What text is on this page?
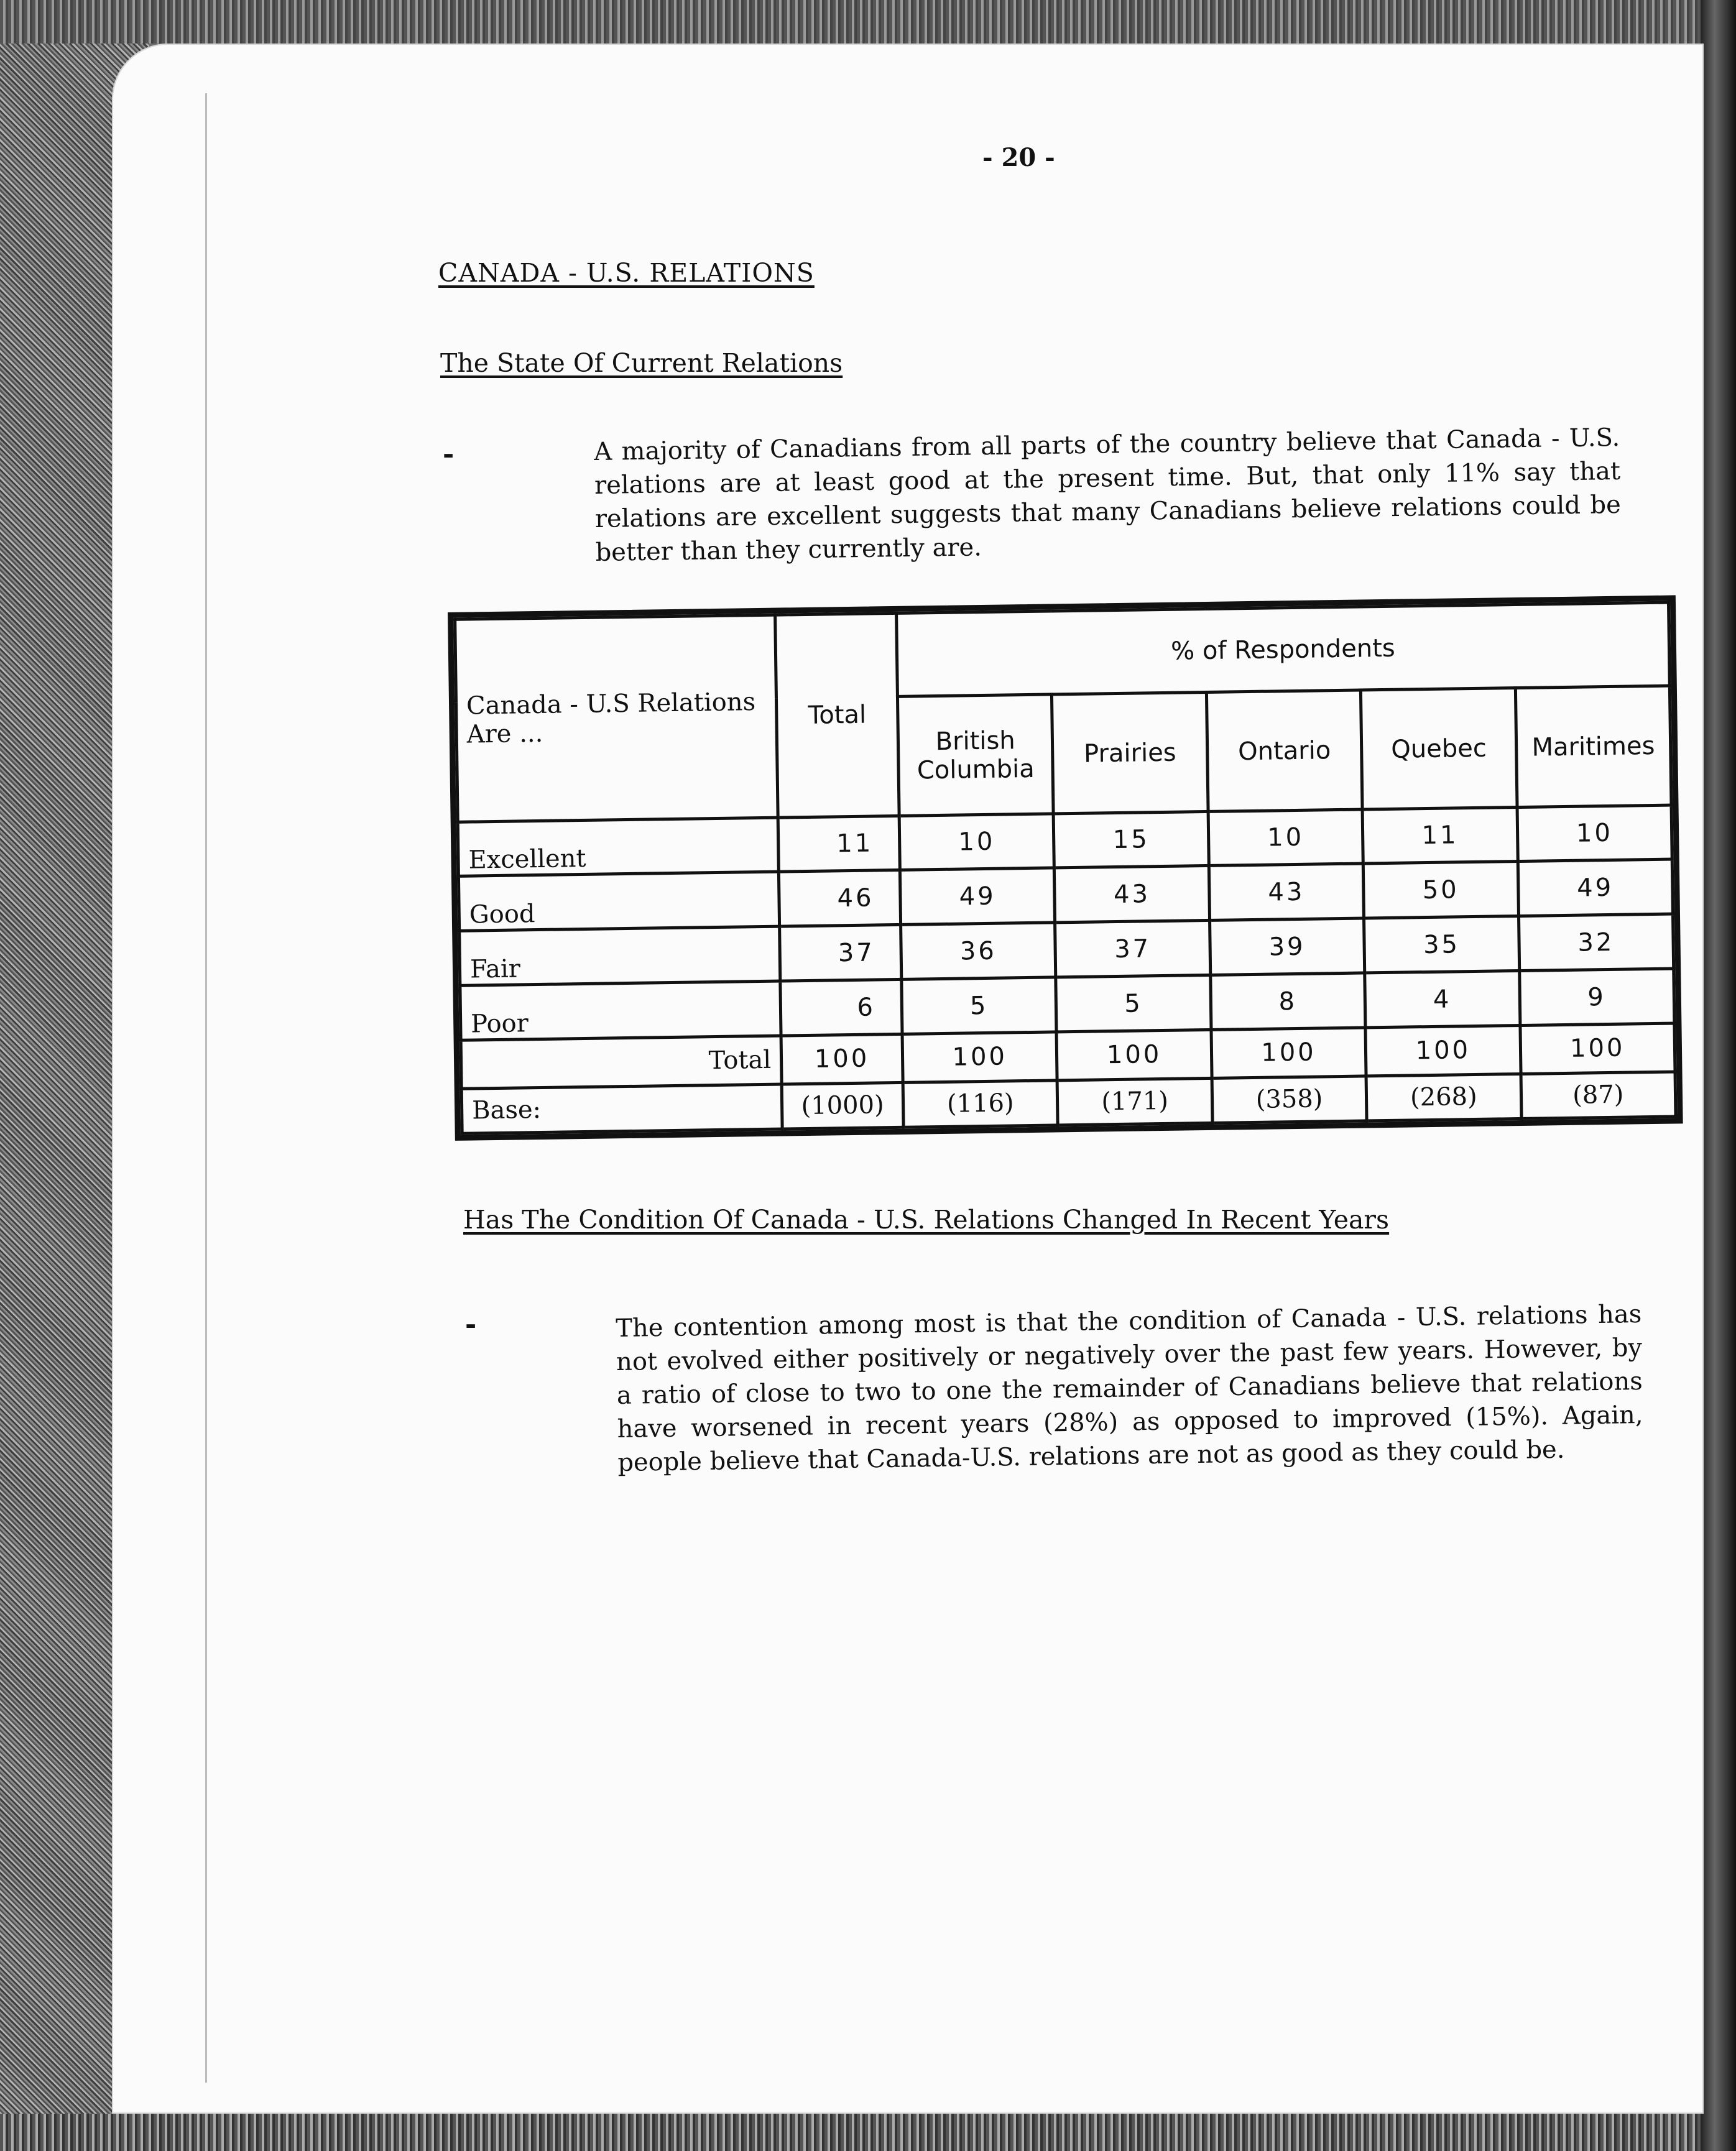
- 20 -
CANADA - U.S. RELATIONS
The State Of Current Relations
-	A majority of Canadians from all parts of the country believe that Canada - U.S. relations are at least good at the present time. But, that only 11% say that relations are excellent suggests that many Canadians believe relations could be better than they currently are.
Canada - U.S Relations Are ...	Total	% of Respondents				
		British Columbia	Prairies	Ontario	Quebec	Maritimes
Excellent	11	10	15	10	11	10
Good	46	49	43	43	50	49
Fair	37	36	37	39	35	32
Poor	6	5	5	8	4	9
Total	100	100	100	100	100	100
Base:	(1000)	(116)	(171)	(358)	(268)	(87)
Has The Condition Of Canada - U.S. Relations Changed In Recent Years
-	The contention among most is that the condition of Canada - U.S. relations has not evolved either positively or negatively over the past few years. However, by a ratio of close to two to one the remainder of Canadians believe that relations have worsened in recent years (28%) as opposed to improved (15%). Again, people believe that Canada-U.S. relations are not as good as they could be.
